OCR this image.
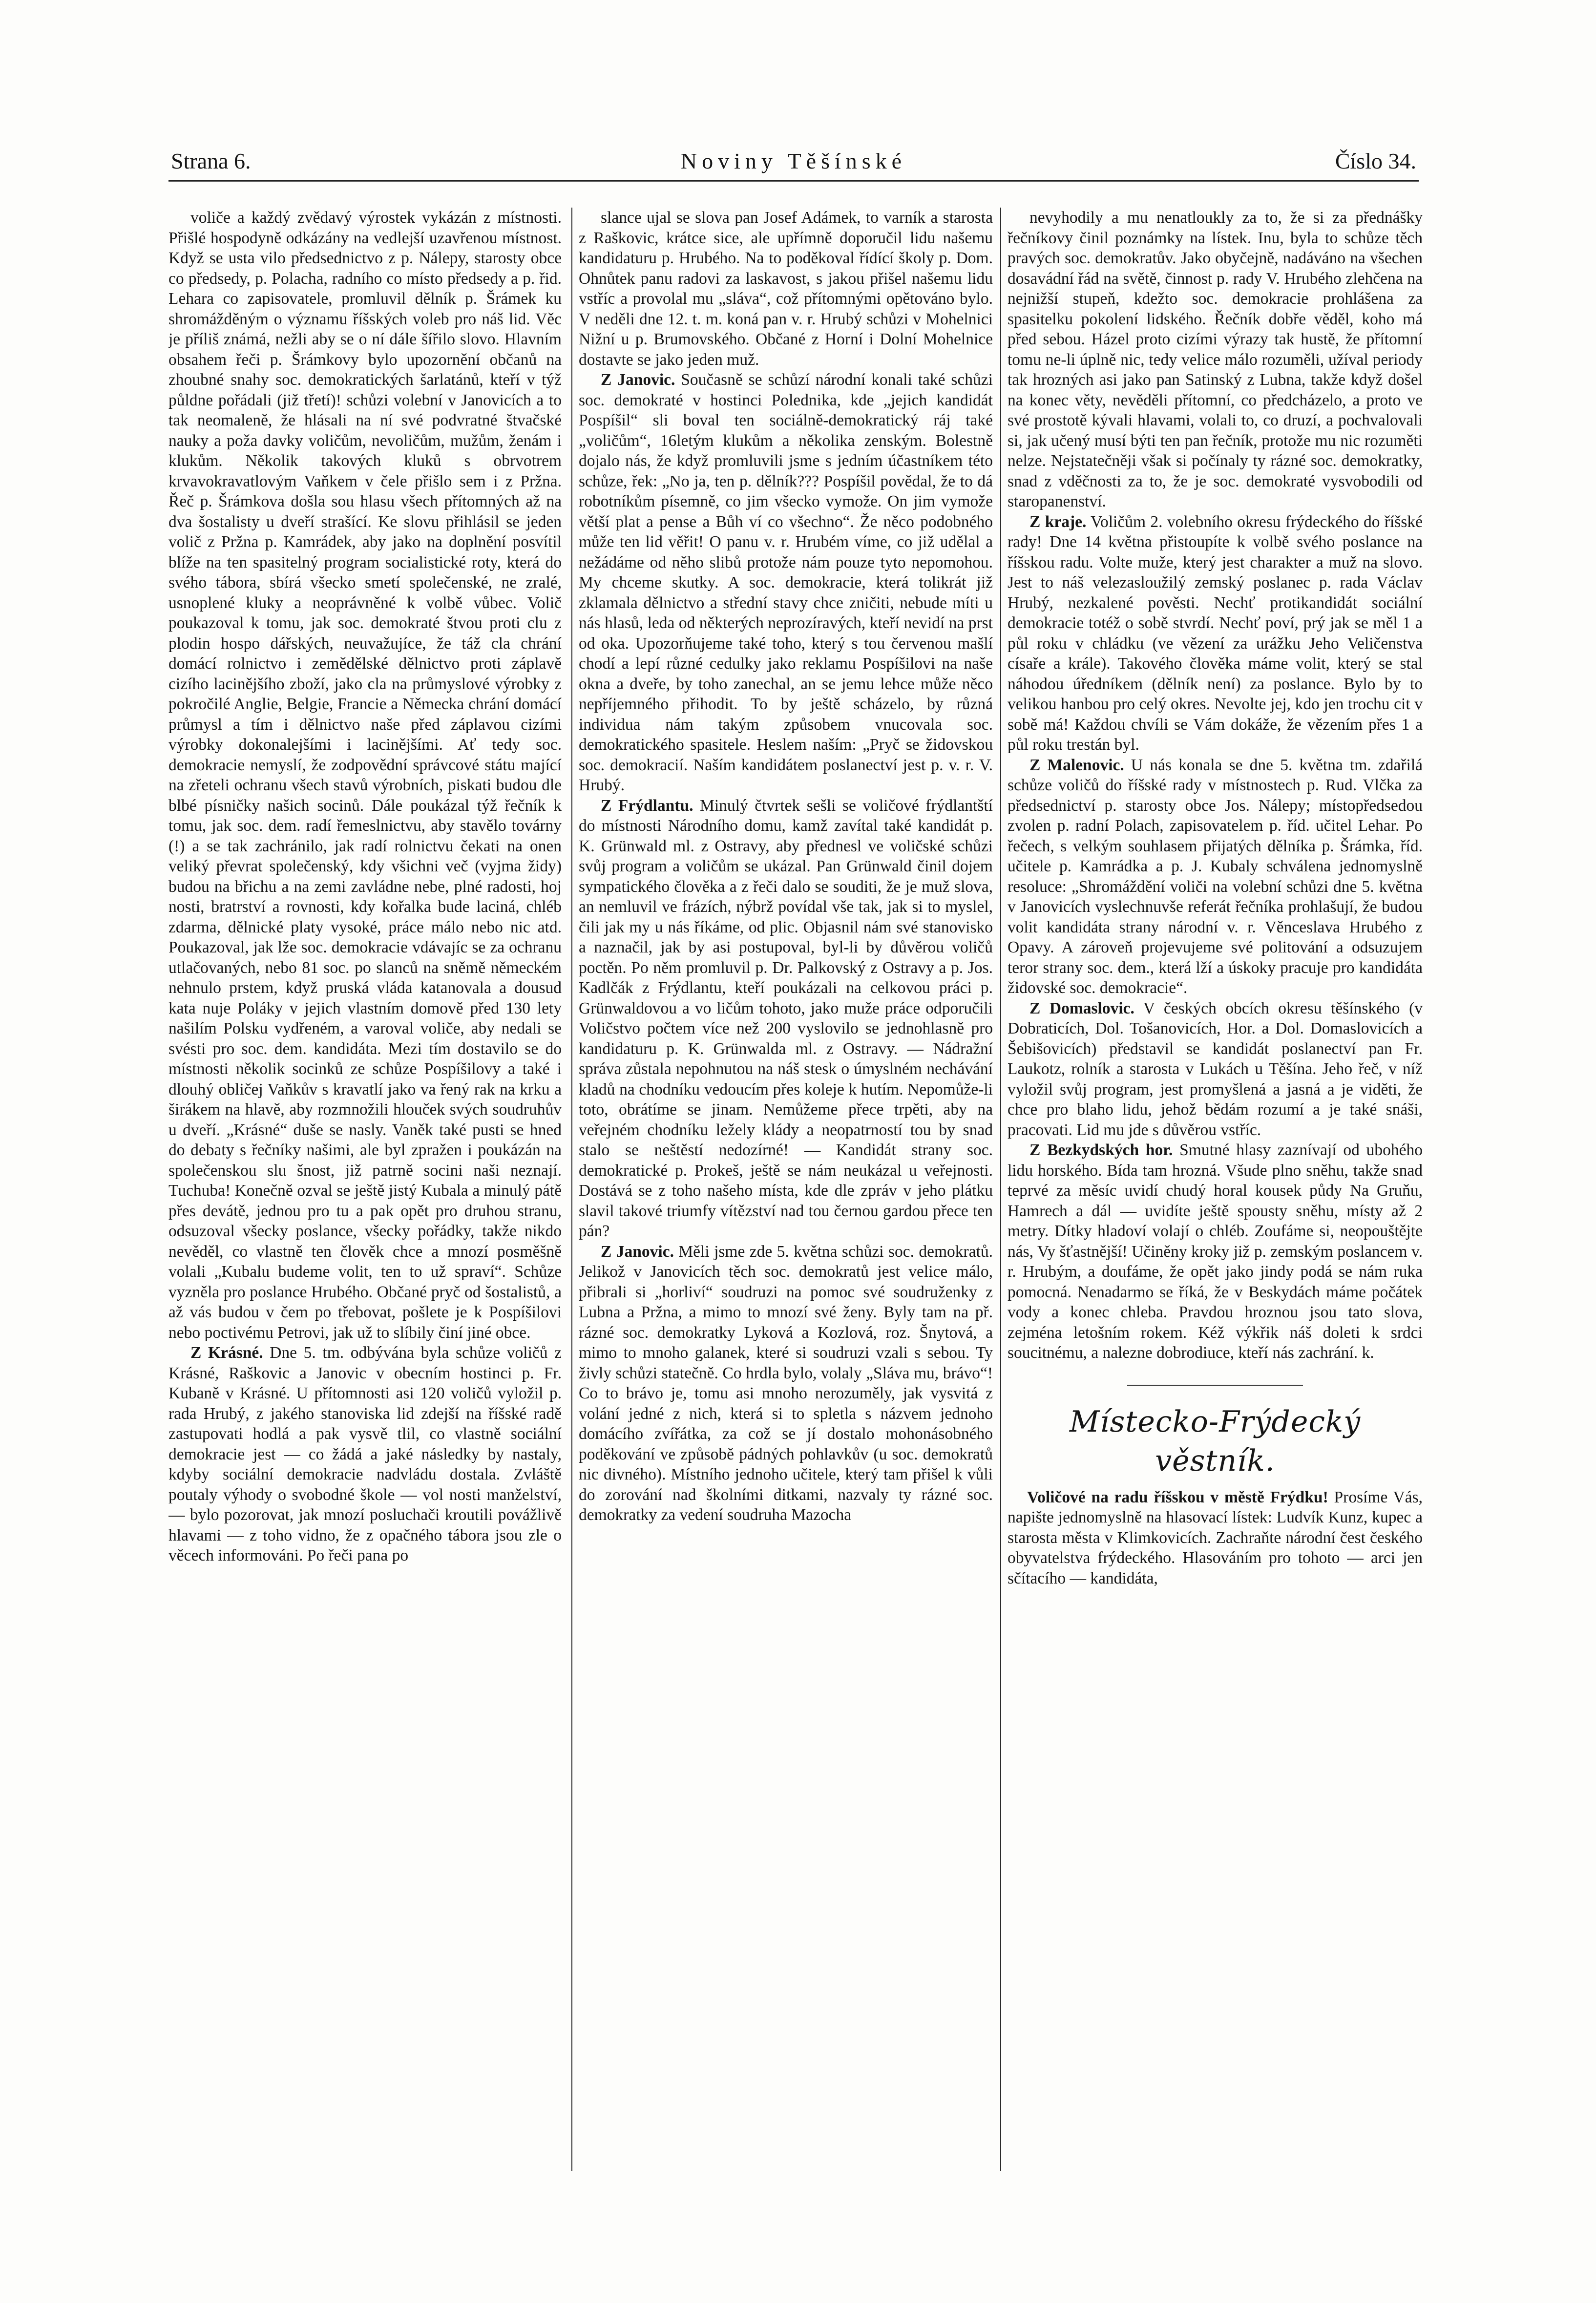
Strana 6.	Noviny Těšínské	Číslo 34.

voliče a každý zvědavý výrostek vykázán z místnosti. Přišlé hospodyně odkázány na vedlejší uzavřenou místnost. Když se usta vilo předsednictvo z p. Nálepy, starosty obce co předsedy, p. Polacha, radního co místo předsedy a p. řid. Lehara co zapisovatele, promluvil dělník p. Šrámek ku shromážděným o významu říšských voleb pro náš lid. Věc je příliš známá, nežli aby se o ní dále šířilo slovo. Hlavním obsahem řeči p. Šrámkovy bylo upozornění občanů na zhoubné snahy soc. demokratických šarlatánů, kteří v týž půldne pořádali (již třetí)! schůzi volební v Janovicích a to tak neomaleně, že hlásali na ní své podvratné štvačské nauky a poža davky voličům, nevoličům, mužům, ženám i klukům. Několik takových kluků s obrvotrem krvavokravatlovým Vaňkem v čele přišlo sem i z Pržna. Řeč p. Šrámkova došla sou hlasu všech přítomných až na dva šostalisty u dveří strašící. Ke slovu přihlásil se jeden volič z Pržna p. Kamrádek, aby jako na doplnění posvítil blíže na ten spasitelný program socialistické roty, která do svého tábora, sbírá všecko smetí společenské, ne zralé, usnoplené kluky a neoprávněné k volbě vůbec. Volič poukazoval k tomu, jak soc. demokraté štvou proti clu z plodin hospo dářských, neuvažujíce, že táž cla chrání domácí rolnictvo i zemědělské dělnictvo proti záplavě cizího lacinějšího zboží, jako cla na průmyslové výrobky z pokročilé Anglie, Belgie, Francie a Německa chrání domácí průmysl a tím i dělnictvo naše před záplavou cizími výrobky dokonalejšími i lacinějšími. Ať tedy soc. demokracie nemyslí, že zodpovědní správcové státu mající na zřeteli ochranu všech stavů výrobních, piskati budou dle blbé písničky našich socinů. Dále poukázal týž řečník k tomu, jak soc. dem. radí řemeslnictvu, aby stavělo továrny (!) a se tak zachránilo, jak radí rolnictvu čekati na onen veliký převrat společenský, kdy všichni več (vyjma židy) budou na břichu a na zemi zavládne nebe, plné radosti, hoj nosti, bratrství a rovnosti, kdy kořalka bude laciná, chléb zdarma, dělnické platy vysoké, práce málo nebo nic atd. Poukazoval, jak lže soc. demokracie vdávajíc se za ochranu utlačovaných, nebo 81 soc. po slanců na sněmě německém nehnulo prstem, když pruská vláda katanovala a dousud kata nuje Poláky v jejich vlastním domově před 130 lety našilím Polsku vydřeném, a varoval voliče, aby nedali se svésti pro soc. dem. kandidáta. Mezi tím dostavilo se do místnosti několik socinků ze schůze Pospíšilovy a také i dlouhý obličej Vaňkův s kravatlí jako va řený rak na krku a širákem na hlavě, aby rozmnožili hlouček svých soudruhův u dveří. „Krásné“ duše se nasly. Vaněk také pusti se hned do debaty s řečníky našimi, ale byl zpražen i poukázán na společenskou slu šnost, již patrně socini naši neznají. Tuchuba! Konečně ozval se ještě jistý Kubala a minulý pátě přes devátě, jednou pro tu a pak opět pro druhou stranu, odsuzoval všecky poslance, všecky pořádky, takže nikdo nevěděl, co vlastně ten člověk chce a mnozí posměšně volali „Kubalu budeme volit, ten to už spraví“. Schůze vyzněla pro poslance Hrubého. Občané pryč od šostalistů, a až vás budou v čem po třebovat, pošlete je k Pospíšilovi nebo poctivému Petrovi, jak už to slíbily činí jiné obce.

Z Krásné. Dne 5. tm. odbývána byla schůze voličů z Krásné, Raškovic a Janovic v obecním hostinci p. Fr. Kubaně v Krásné. U přítomnosti asi 120 voličů vyložil p. rada Hrubý, z jakého stanoviska lid zdejší na říšské radě zastupovati hodlá a pak vysvě tlil, co vlastně sociální demokracie jest — co žádá a jaké následky by nastaly, kdyby sociální demokracie nadvládu dostala. Zvláště poutaly výhody o svobodné škole — vol nosti manželství, — bylo pozorovat, jak mnozí posluchači kroutili povážlivě hlavami — z toho vidno, že z opačného tábora jsou zle o věcech informováni. Po řeči pana po

slance ujal se slova pan Josef Adámek, to varník a starosta z Raškovic, krátce sice, ale upřímně doporučil lidu našemu kandidaturu p. Hrubého. Na to poděkoval řídící školy p. Dom. Ohnůtek panu radovi za laskavost, s jakou přišel našemu lidu vstříc a provolal mu „sláva“, což přítomnými opětováno bylo. V neděli dne 12. t. m. koná pan v. r. Hrubý schůzi v Mohelnici Nižní u p. Brumovského. Občané z Horní i Dolní Mohelnice dostavte se jako jeden muž.

Z Janovic. Současně se schůzí národní konali také schůzi soc. demokraté v hostinci Polednika, kde „jejich kandidát Pospíšil“ sli boval ten sociálně-demokratický ráj také „voličům“, 16letým klukům a několika zenským. Bolestně dojalo nás, že když promluvili jsme s jedním účastníkem této schůze, řek: „No ja, ten p. dělník??? Pospíšil povědal, že to dá robotníkům písemně, co jim všecko vymože. On jim vymože větší plat a pense a Bůh ví co všechno“. Že něco podobného může ten lid věřit! O panu v. r. Hrubém víme, co již udělal a nežádáme od něho slibů protože nám pouze tyto nepomohou. My chceme skutky. A soc. demokracie, která tolikrát již zklamala dělnictvo a střední stavy chce zničiti, nebude míti u nás hlasů, leda od některých neprozíravých, kteří nevidí na prst od oka. Upozorňujeme také toho, který s tou červenou mašlí chodí a lepí různé cedulky jako reklamu Pospíšilovi na naše okna a dveře, by toho zanechal, an se jemu lehce může něco nepříjemného přihodit. To by ještě scházelo, by různá individua nám takým způsobem vnucovala soc. demokratického spasitele. Heslem naším: „Pryč se židovskou soc. demokracií. Naším kandidátem poslanectví jest p. v. r. V. Hrubý.

Z Frýdlantu. Minulý čtvrtek sešli se voličové frýdlantští do místnosti Národního domu, kamž zavítal také kandidát p. K. Grünwald ml. z Ostravy, aby přednesl ve voličské schůzi svůj program a voličům se ukázal. Pan Grünwald činil dojem sympatického člověka a z řeči dalo se souditi, že je muž slova, an nemluvil ve frázích, nýbrž povídal vše tak, jak si to myslel, čili jak my u nás říkáme, od plic. Objasnil nám své stanovisko a naznačil, jak by asi postupoval, byl-li by důvěrou voličů poctěn. Po něm promluvil p. Dr. Palkovský z Ostravy a p. Jos. Kadlčák z Frýdlantu, kteří poukázali na celkovou práci p. Grünwaldovou a vo ličům tohoto, jako muže práce odporučili Voličstvo počtem více než 200 vyslovilo se jednohlasně pro kandidaturu p. K. Grünwalda ml. z Ostravy. — Nádražní správa zůstala nepohnutou na náš stesk o úmyslném nechávání kladů na chodníku vedoucím přes koleje k hutím. Nepomůže-li toto, obrátíme se jinam. Nemůžeme přece trpěti, aby na veřejném chodníku ležely klády a neopatrností tou by snad stalo se neštěstí nedozírné! — Kandidát strany soc. demokratické p. Prokeš, ještě se nám neukázal u veřejnosti. Dostává se z toho našeho místa, kde dle zpráv v jeho plátku slavil takové triumfy vítězství nad tou černou gardou přece ten pán?

Z Janovic. Měli jsme zde 5. května schůzi soc. demokratů. Jelikož v Janovicích těch soc. demokratů jest velice málo, přibrali si „horliví“ soudruzi na pomoc své soudruženky z Lubna a Pržna, a mimo to mnozí své ženy. Byly tam na př. rázné soc. demokratky Lyková a Kozlová, roz. Šnytová, a mimo to mnoho galanek, které si soudruzi vzali s sebou. Ty živly schůzi statečně. Co hrdla bylo, volaly „Sláva mu, brávo“! Co to brávo je, tomu asi mnoho nerozuměly, jak vysvitá z volání jedné z nich, která si to spletla s názvem jednoho domácího zvířátka, za což se jí dostalo mohonásobného poděkování ve způsobě pádných pohlavkův (u soc. demokratů nic divného). Místního jednoho učitele, který tam přišel k vůli do zorování nad školními ditkami, nazvaly ty rázné soc. demokratky za vedení soudruha Mazocha

nevyhodily a mu nenatloukly za to, že si za přednášky řečníkovy činil poznámky na lístek. Inu, byla to schůze těch pravých soc. demokratův. Jako obyčejně, nadáváno na všechen dosavádní řád na světě, činnost p. rady V. Hrubého zlehčena na nejnižší stupeň, kdežto soc. demokracie prohlášena za spasitelku pokolení lidského. Řečník dobře věděl, koho má před sebou. Házel proto cizími výrazy tak hustě, že přítomní tomu ne-li úplně nic, tedy velice málo rozuměli, užíval periody tak hrozných asi jako pan Satinský z Lubna, takže když došel na konec věty, nevěděli přítomní, co předcházelo, a proto ve své prostotě kývali hlavami, volali to, co druzí, a pochvalovali si, jak učený musí býti ten pan řečník, protože mu nic rozuměti nelze. Nejstatečněji však si počínaly ty rázné soc. demokratky, snad z vděčnosti za to, že je soc. demokraté vysvobodili od staropanenství.

Z kraje. Voličům 2. volebního okresu frýdeckého do říšské rady! Dne 14 května přistoupíte k volbě svého poslance na říšskou radu. Volte muže, který jest charakter a muž na slovo. Jest to náš velezasloužilý zemský poslanec p. rada Václav Hrubý, nezkalené pověsti. Nechť protikandidát sociální demokracie totéž o sobě stvrdí. Nechť poví, prý jak se měl 1 a půl roku v chládku (ve vězení za urážku Jeho Veličenstva císaře a krále). Takového člověka máme volit, který se stal náhodou úředníkem (dělník není) za poslance. Bylo by to velikou hanbou pro celý okres. Nevolte jej, kdo jen trochu cit v sobě má! Každou chvíli se Vám dokáže, že vězením přes 1 a půl roku trestán byl.

Z Malenovic. U nás konala se dne 5. května tm. zdařilá schůze voličů do říšské rady v místnostech p. Rud. Vlčka za předsednictví p. starosty obce Jos. Nálepy; místopředsedou zvolen p. radní Polach, zapisovatelem p. říd. učitel Lehar. Po řečech, s velkým souhlasem přijatých dělníka p. Šrámka, říd. učitele p. Kamrádka a p. J. Kubaly schválena jednomyslně resoluce: „Shromáždění voliči na volební schůzi dne 5. května v Janovicích vyslechnuvše referát řečníka prohlašují, že budou volit kandidáta strany národní v. r. Věnceslava Hrubého z Opavy. A zároveň projevujeme své politování a odsuzujem teror strany soc. dem., která lží a úskoky pracuje pro kandidáta židovské soc. demokracie“.

Z Domaslovic. V českých obcích okresu těšínského (v Dobraticích, Dol. Tošanovicích, Hor. a Dol. Domaslovicích a Šebišovicích) představil se kandidát poslanectví pan Fr. Laukotz, rolník a starosta v Lukách u Těšína. Jeho řeč, v níž vyložil svůj program, jest promyšlená a jasná a je viděti, že chce pro blaho lidu, jehož bědám rozumí a je také snáši, pracovati. Lid mu jde s důvěrou vstříc.

Z Bezkydských hor. Smutné hlasy zaznívají od ubohého lidu horského. Bída tam hrozná. Všude plno sněhu, takže snad teprvé za měsíc uvidí chudý horal kousek půdy Na Gruňu, Hamrech a dál — uvidíte ještě spousty sněhu, místy až 2 metry. Dítky hladoví volají o chléb. Zoufáme si, neopouštějte nás, Vy šťastnější! Učiněny kroky již p. zemským poslancem v. r. Hrubým, a doufáme, že opět jako jindy podá se nám ruka pomocná. Nenadarmo se říká, že v Beskydách máme počátek vody a konec chleba. Pravdou hroznou jsou tato slova, zejména letošním rokem. Kéž výkřik náš doleti k srdci soucitnému, a nalezne dobrodiuce, kteří nás zachrání. k.

Místecko-Frýdecký věstník.

Voličové na radu říšskou v městě Frýdku! Prosíme Vás, napište jednomyslně na hlasovací lístek: Ludvík Kunz, kupec a starosta města v Klimkovicích. Zachraňte národní čest českého obyvatelstva frýdeckého. Hlasováním pro tohoto — arci jen sčítacího — kandidáta,
